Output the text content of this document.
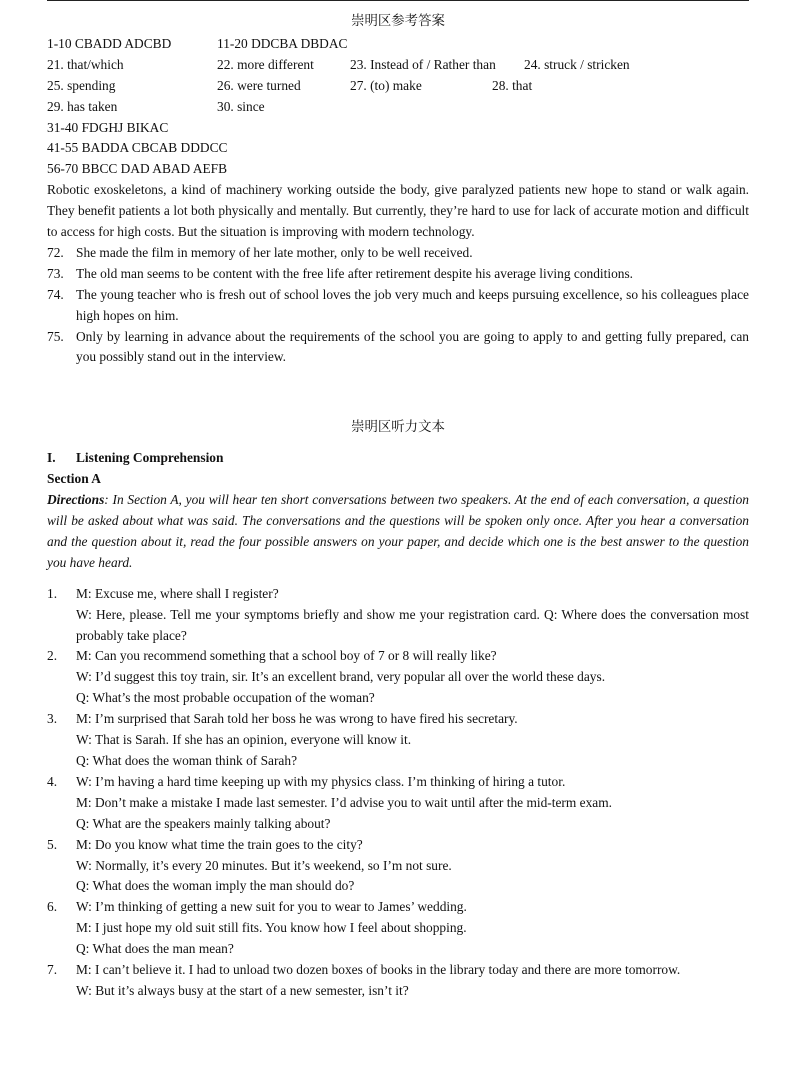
崇明区参考答案
1-10 CBADD ADCBD	11-20 DDCBA DBDAC
21. that/which	22. more different	23. Instead of / Rather than 24. struck / stricken
25. spending	26. were turned	27. (to) make	28. that
29. has taken	30. since
31-40 FDGHJ BIKAC
41-55 BADDA CBCAB DDDCC
56-70 BBCC DAD ABAD AEFB
Robotic exoskeletons, a kind of machinery working outside the body, give paralyzed patients new hope to stand or walk again. They benefit patients a lot both physically and mentally. But currently, they’re hard to use for lack of accurate motion and difficult to access for high costs. But the situation is improving with modern technology.
72. She made the film in memory of her late mother, only to be well received.
73. The old man seems to be content with the free life after retirement despite his average living conditions.
74. The young teacher who is fresh out of school loves the job very much and keeps pursuing excellence, so his colleagues place high hopes on him.
75. Only by learning in advance about the requirements of the school you are going to apply to and getting fully prepared, can you possibly stand out in the interview.
崇明区听力文本
I.	Listening Comprehension
Section A
Directions: In Section A, you will hear ten short conversations between two speakers. At the end of each conversation, a question will be asked about what was said. The conversations and the questions will be spoken only once. After you hear a conversation and the question about it, read the four possible answers on your paper, and decide which one is the best answer to the question you have heard.
1.	M: Excuse me, where shall I register?
W: Here, please. Tell me your symptoms briefly and show me your registration card. Q: Where does the conversation most probably take place?
2.	M: Can you recommend something that a school boy of 7 or 8 will really like?
W: I’d suggest this toy train, sir. It’s an excellent brand, very popular all over the world these days.
Q: What’s the most probable occupation of the woman?
3.	M: I’m surprised that Sarah told her boss he was wrong to have fired his secretary.
W: That is Sarah. If she has an opinion, everyone will know it.
Q: What does the woman think of Sarah?
4.	W: I’m having a hard time keeping up with my physics class. I’m thinking of hiring a tutor.
M: Don’t make a mistake I made last semester. I’d advise you to wait until after the mid-term exam.
Q: What are the speakers mainly talking about?
5.	M: Do you know what time the train goes to the city?
W: Normally, it’s every 20 minutes. But it’s weekend, so I’m not sure.
Q: What does the woman imply the man should do?
6.	W: I’m thinking of getting a new suit for you to wear to James’ wedding.
M: I just hope my old suit still fits. You know how I feel about shopping.
Q: What does the man mean?
7.	M: I can’t believe it. I had to unload two dozen boxes of books in the library today and there are more tomorrow.
W: But it’s always busy at the start of a new semester, isn’t it?
